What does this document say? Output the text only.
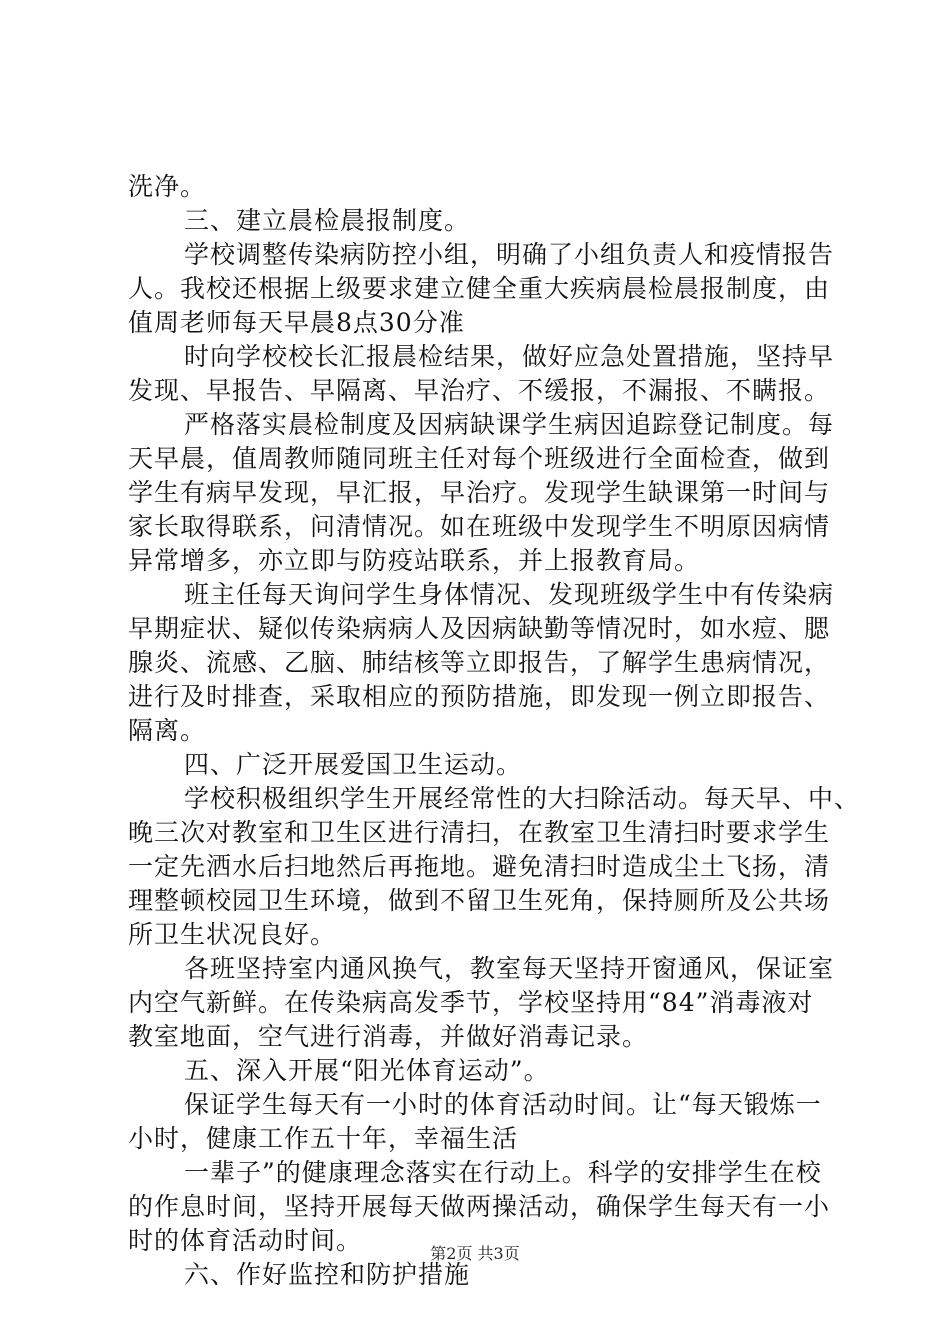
洗净。
三、建立晨检晨报制度。
学校调整传染病防控小组，明确了小组负责人和疫情报告
人。我校还根据上级要求建立健全重大疾病晨检晨报制度，由
值周老师每天早晨8点30分准
时向学校校长汇报晨检结果，做好应急处置措施，坚持早
发现、早报告、早隔离、早治疗、不缓报，不漏报、不瞒报。
严格落实晨检制度及因病缺课学生病因追踪登记制度。每
天早晨，值周教师随同班主任对每个班级进行全面检查，做到
学生有病早发现，早汇报，早治疗。发现学生缺课第一时间与
家长取得联系，问清情况。如在班级中发现学生不明原因病情
异常增多，亦立即与防疫站联系，并上报教育局。
班主任每天询问学生身体情况、发现班级学生中有传染病
早期症状、疑似传染病病人及因病缺勤等情况时，如水痘、腮
腺炎、流感、乙脑、肺结核等立即报告，了解学生患病情况，
进行及时排查，采取相应的预防措施，即发现一例立即报告、
隔离。
四、广泛开展爱国卫生运动。
学校积极组织学生开展经常性的大扫除活动。每天早、中、
晚三次对教室和卫生区进行清扫，在教室卫生清扫时要求学生
一定先洒水后扫地然后再拖地。避免清扫时造成尘土飞扬，清
理整顿校园卫生环境，做到不留卫生死角，保持厕所及公共场
所卫生状况良好。
各班坚持室内通风换气，教室每天坚持开窗通风，保证室
内空气新鲜。在传染病高发季节，学校坚持用“84”消毒液对
教室地面，空气进行消毒，并做好消毒记录。
五、深入开展“阳光体育运动”。
保证学生每天有一小时的体育活动时间。让“每天锻炼一
小时，健康工作五十年，幸福生活
一辈子”的健康理念落实在行动上。科学的安排学生在校
的作息时间，坚持开展每天做两操活动，确保学生每天有一小
时的体育活动时间。
六、作好监控和防护措施
第2页 共3页
